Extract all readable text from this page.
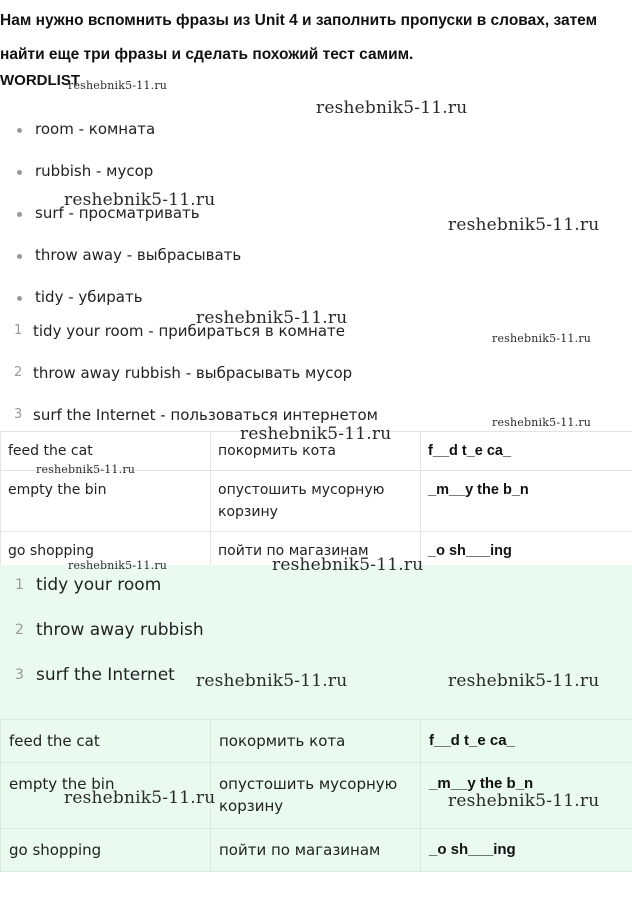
Нам нужно вспомнить фразы из Unit 4 и заполнить пропуски в словах, затем
найти еще три фразы и сделать похожий тест самим.
WORDLIST
room - комната
rubbish - мусор
surf - просматривать
throw away - выбрасывать
tidy - убирать
1 tidy your room - прибираться в комнате
2 throw away rubbish - выбрасывать мусор
3 surf the Internet - пользоваться интернетом
feed the cat	покормить кота	f__d t_e ca_
empty the bin	опустошить мусорную корзину	_m__y the b_n
go shopping	пойти по магазинам	_o sh___ing
1 tidy your room
2 throw away rubbish
3 surf the Internet
feed the cat	покормить кота	f__d t_e ca_
empty the bin	опустошить мусорную корзину	_m__y the b_n
go shopping	пойти по магазинам	_o sh___ing
reshebnik5-11.ru
reshebnik5-11.ru
reshebnik5-11.ru
reshebnik5-11.ru
reshebnik5-11.ru
reshebnik5-11.ru
reshebnik5-11.ru
reshebnik5-11.ru
reshebnik5-11.ru
reshebnik5-11.ru	reshebnik5-11.ru
reshebnik5-11.ru	reshebnik5-11.ru
reshebnik5-11.ru	reshebnik5-11.ru
